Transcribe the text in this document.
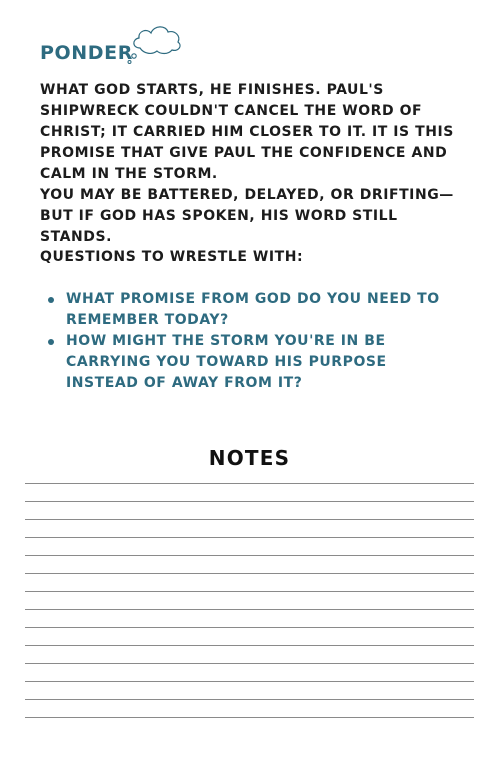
PONDER

WHAT GOD STARTS, HE FINISHES. PAUL'S SHIPWRECK COULDN'T CANCEL THE WORD OF CHRIST; IT CARRIED HIM CLOSER TO IT. IT IS THIS PROMISE THAT GIVE PAUL THE CONFIDENCE AND CALM IN THE STORM.

YOU MAY BE BATTERED, DELAYED, OR DRIFTING—BUT IF GOD HAS SPOKEN, HIS WORD STILL STANDS.

QUESTIONS TO WRESTLE WITH:

WHAT PROMISE FROM GOD DO YOU NEED TO REMEMBER TODAY?
HOW MIGHT THE STORM YOU'RE IN BE CARRYING YOU TOWARD HIS PURPOSE INSTEAD OF AWAY FROM IT?
NOTES
